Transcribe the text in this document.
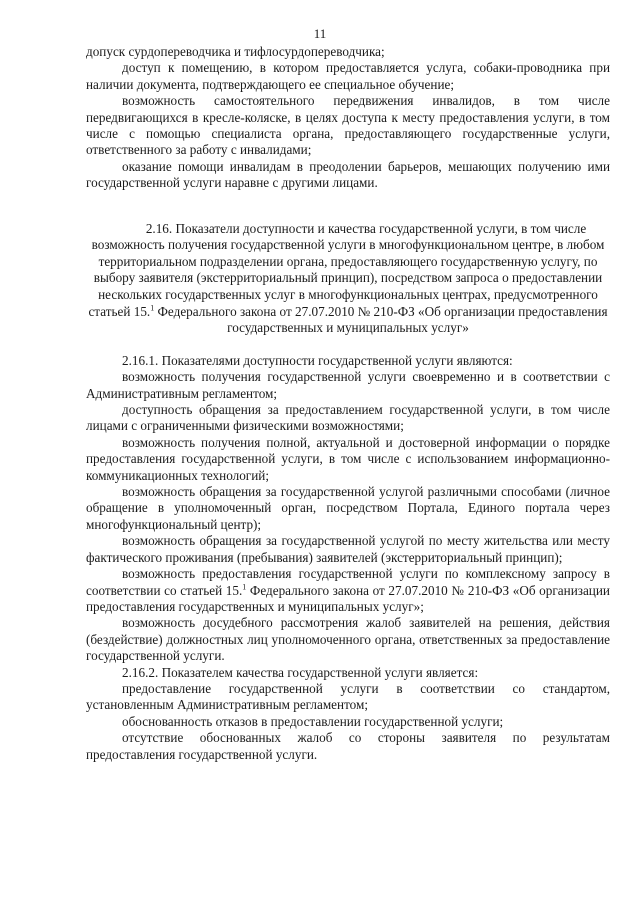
11

допуск сурдопереводчика и тифлосурдопереводчика;

доступ к помещению, в котором предоставляется услуга, собаки-проводника при наличии документа, подтверждающего ее специальное обучение;

возможность самостоятельного передвижения инвалидов, в том числе передвигающихся в кресле-коляске, в целях доступа к месту предоставления услуги, в том числе с помощью специалиста органа, предоставляющего государственные услуги, ответственного за работу с инвалидами;

оказание помощи инвалидам в преодолении барьеров, мешающих получению ими государственной услуги наравне с другими лицами.

2.16. Показатели доступности и качества государственной услуги, в том числе возможность получения государственной услуги в многофункциональном центре, в любом территориальном подразделении органа, предоставляющего государственную услугу, по выбору заявителя (экстерриториальный принцип), посредством запроса о предоставлении нескольких государственных услуг в многофункциональных центрах, предусмотренного статьей 15.$^1$ Федерального закона от 27.07.2010 № 210-ФЗ «Об организации предоставления государственных и муниципальных услуг»

2.16.1. Показателями доступности государственной услуги являются:

возможность получения государственной услуги своевременно и в соответствии с Административным регламентом;

доступность обращения за предоставлением государственной услуги, в том числе лицами с ограниченными физическими возможностями;

возможность получения полной, актуальной и достоверной информации о порядке предоставления государственной услуги, в том числе с использованием информационно-коммуникационных технологий;

возможность обращения за государственной услугой различными способами (личное обращение в уполномоченный орган, посредством Портала, Единого портала через многофункциональный центр);

возможность обращения за государственной услугой по месту жительства или месту фактического проживания (пребывания) заявителей (экстерриториальный принцип);

возможность предоставления государственной услуги по комплексному запросу в соответствии со статьей 15.$^1$ Федерального закона от 27.07.2010 № 210-ФЗ «Об организации предоставления государственных и муниципальных услуг»;

возможность досудебного рассмотрения жалоб заявителей на решения, действия (бездействие) должностных лиц уполномоченного органа, ответственных за предоставление государственной услуги.

2.16.2. Показателем качества государственной услуги является:

предоставление государственной услуги в соответствии со стандартом, установленным Административным регламентом;

обоснованность отказов в предоставлении государственной услуги;

отсутствие обоснованных жалоб со стороны заявителя по результатам предоставления государственной услуги.
